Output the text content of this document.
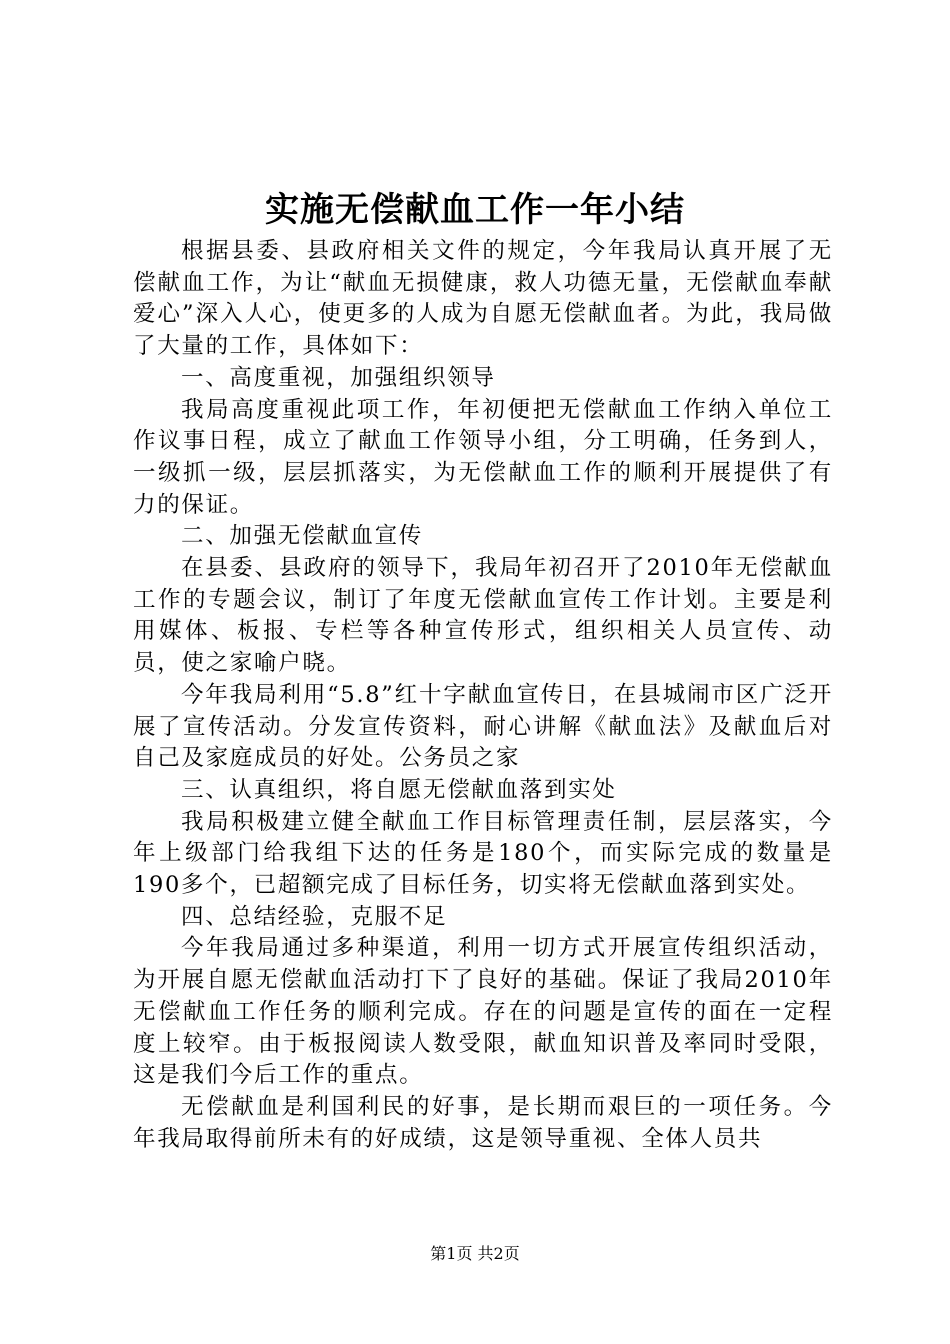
实施无偿献血工作一年小结

根据县委、县政府相关文件的规定，今年我局认真开展了无偿献血工作，为让“献血无损健康，救人功德无量，无偿献血奉献爱心”深入人心，使更多的人成为自愿无偿献血者。为此，我局做了大量的工作，具体如下：

一、高度重视，加强组织领导

我局高度重视此项工作，年初便把无偿献血工作纳入单位工作议事日程，成立了献血工作领导小组，分工明确，任务到人，一级抓一级，层层抓落实，为无偿献血工作的顺利开展提供了有力的保证。

二、加强无偿献血宣传

在县委、县政府的领导下，我局年初召开了2010年无偿献血工作的专题会议，制订了年度无偿献血宣传工作计划。主要是利用媒体、板报、专栏等各种宣传形式，组织相关人员宣传、动员，使之家喻户晓。

今年我局利用“5.8”红十字献血宣传日，在县城闹市区广泛开展了宣传活动。分发宣传资料，耐心讲解《献血法》及献血后对自己及家庭成员的好处。公务员之家

三、认真组织，将自愿无偿献血落到实处

我局积极建立健全献血工作目标管理责任制，层层落实，今年上级部门给我组下达的任务是180个，而实际完成的数量是190多个，已超额完成了目标任务，切实将无偿献血落到实处。

四、总结经验，克服不足

今年我局通过多种渠道，利用一切方式开展宣传组织活动，为开展自愿无偿献血活动打下了良好的基础。保证了我局2010年无偿献血工作任务的顺利完成。存在的问题是宣传的面在一定程度上较窄。由于板报阅读人数受限，献血知识普及率同时受限，这是我们今后工作的重点。

无偿献血是利国利民的好事，是长期而艰巨的一项任务。今年我局取得前所未有的好成绩，这是领导重视、全体人员共

第1页 共2页
